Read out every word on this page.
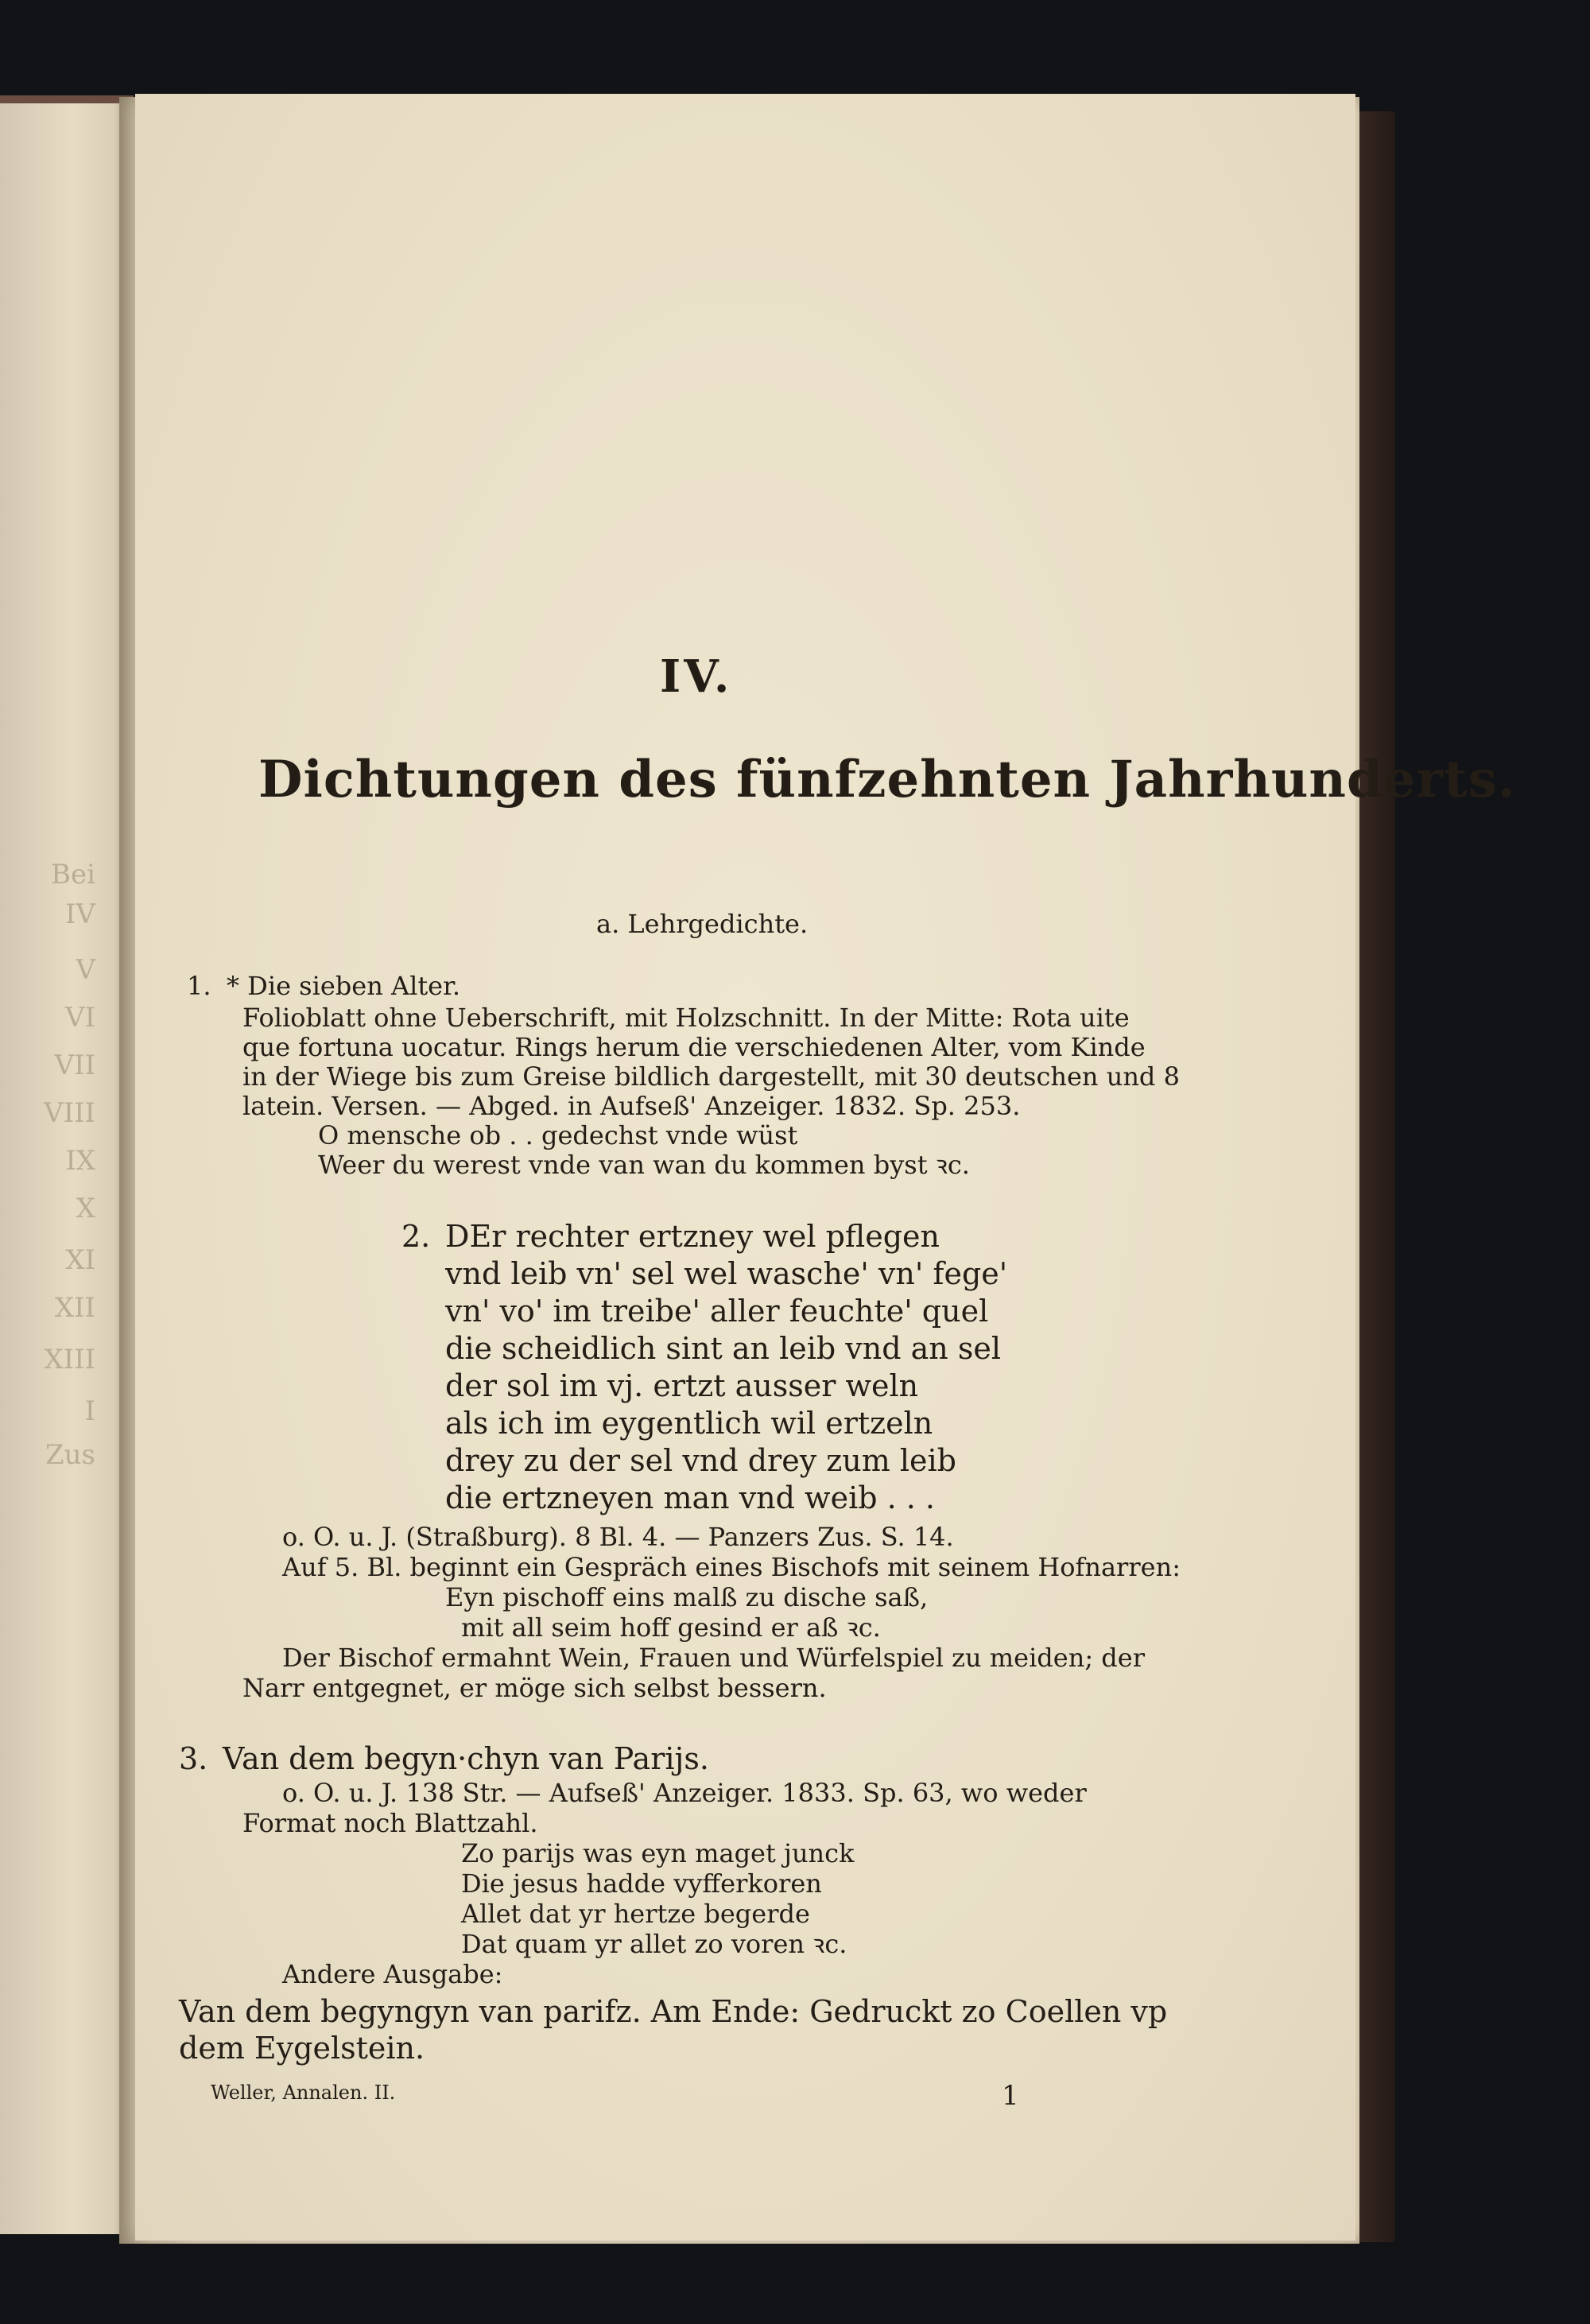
Bei
IV
V
VI
VII
VIII
IX
X
XI
XII
XIII
I
Zus
IV.
Dichtungen des fünfzehnten Jahrhunderts.
a. Lehrgedichte.
1. * Die sieben Alter.
Folioblatt ohne Ueberschrift, mit Holzschnitt. In der Mitte: Rota uite
que fortuna uocatur. Rings herum die verschiedenen Alter, vom Kinde
in der Wiege bis zum Greise bildlich dargestellt, mit 30 deutschen und 8
latein. Versen. — Abged. in Aufseß' Anzeiger. 1832. Sp. 253.
O mensche ob . . gedechst vnde wüst
Weer du werest vnde van wan du kommen byst ꝛc.
2. DEr rechter ertzney wel pflegen
vnd leib vn' sel wel wasche' vn' fege'
vn' vo' im treibe' aller feuchte' quel
die scheidlich sint an leib vnd an sel
der sol im vj. ertzt ausser weln
als ich im eygentlich wil ertzeln
drey zu der sel vnd drey zum leib
die ertzneyen man vnd weib . . .
o. O. u. J. (Straßburg). 8 Bl. 4. — Panzers Zus. S. 14.
Auf 5. Bl. beginnt ein Gespräch eines Bischofs mit seinem Hofnarren:
Eyn pischoff eins malß zu dische saß,
mit all seim hoff gesind er aß ꝛc.
Der Bischof ermahnt Wein, Frauen und Würfelspiel zu meiden; der
Narr entgegnet, er möge sich selbst bessern.
3. Van dem begyn·chyn van Parijs.
o. O. u. J. 138 Str. — Aufseß' Anzeiger. 1833. Sp. 63, wo weder
Format noch Blattzahl.
Zo parijs was eyn maget junck
Die jesus hadde vyfferkoren
Allet dat yr hertze begerde
Dat quam yr allet zo voren ꝛc.
Andere Ausgabe:
Van dem begyngyn van parifz. Am Ende: Gedruckt zo Coellen vp
dem Eygelstein.
Weller, Annalen. II.	1
